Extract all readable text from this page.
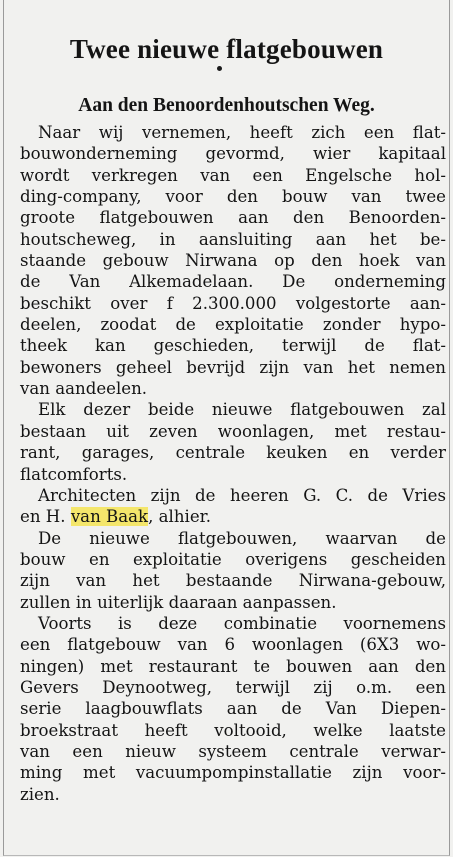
Twee nieuwe flatgebouwen
Aan den Benoordenhoutschen Weg.
Naar wij vernemen, heeft zich een flat-
bouwonderneming gevormd, wier kapitaal
wordt verkregen van een Engelsche hol-
ding-company, voor den bouw van twee
groote flatgebouwen aan den Benoorden-
houtscheweg, in aansluiting aan het be-
staande gebouw Nirwana op den hoek van
de Van Alkemadelaan. De onderneming
beschikt over f 2.300.000 volgestorte aan-
deelen, zoodat de exploitatie zonder hypo-
theek kan geschieden, terwijl de flat-
bewoners geheel bevrijd zijn van het nemen
van aandeelen.
Elk dezer beide nieuwe flatgebouwen zal
bestaan uit zeven woonlagen, met restau-
rant, garages, centrale keuken en verder
flatcomforts.
Architecten zijn de heeren G. C. de Vries
en H. van Baak, alhier.
De nieuwe flatgebouwen, waarvan de
bouw en exploitatie overigens gescheiden
zijn van het bestaande Nirwana-gebouw,
zullen in uiterlijk daaraan aanpassen.
Voorts is deze combinatie voornemens
een flatgebouw van 6 woonlagen (6X3 wo-
ningen) met restaurant te bouwen aan den
Gevers Deynootweg, terwijl zij o.m. een
serie laagbouwflats aan de Van Diepen-
broekstraat heeft voltooid, welke laatste
van een nieuw systeem centrale verwar-
ming met vacuumpompinstallatie zijn voor-
zien.
